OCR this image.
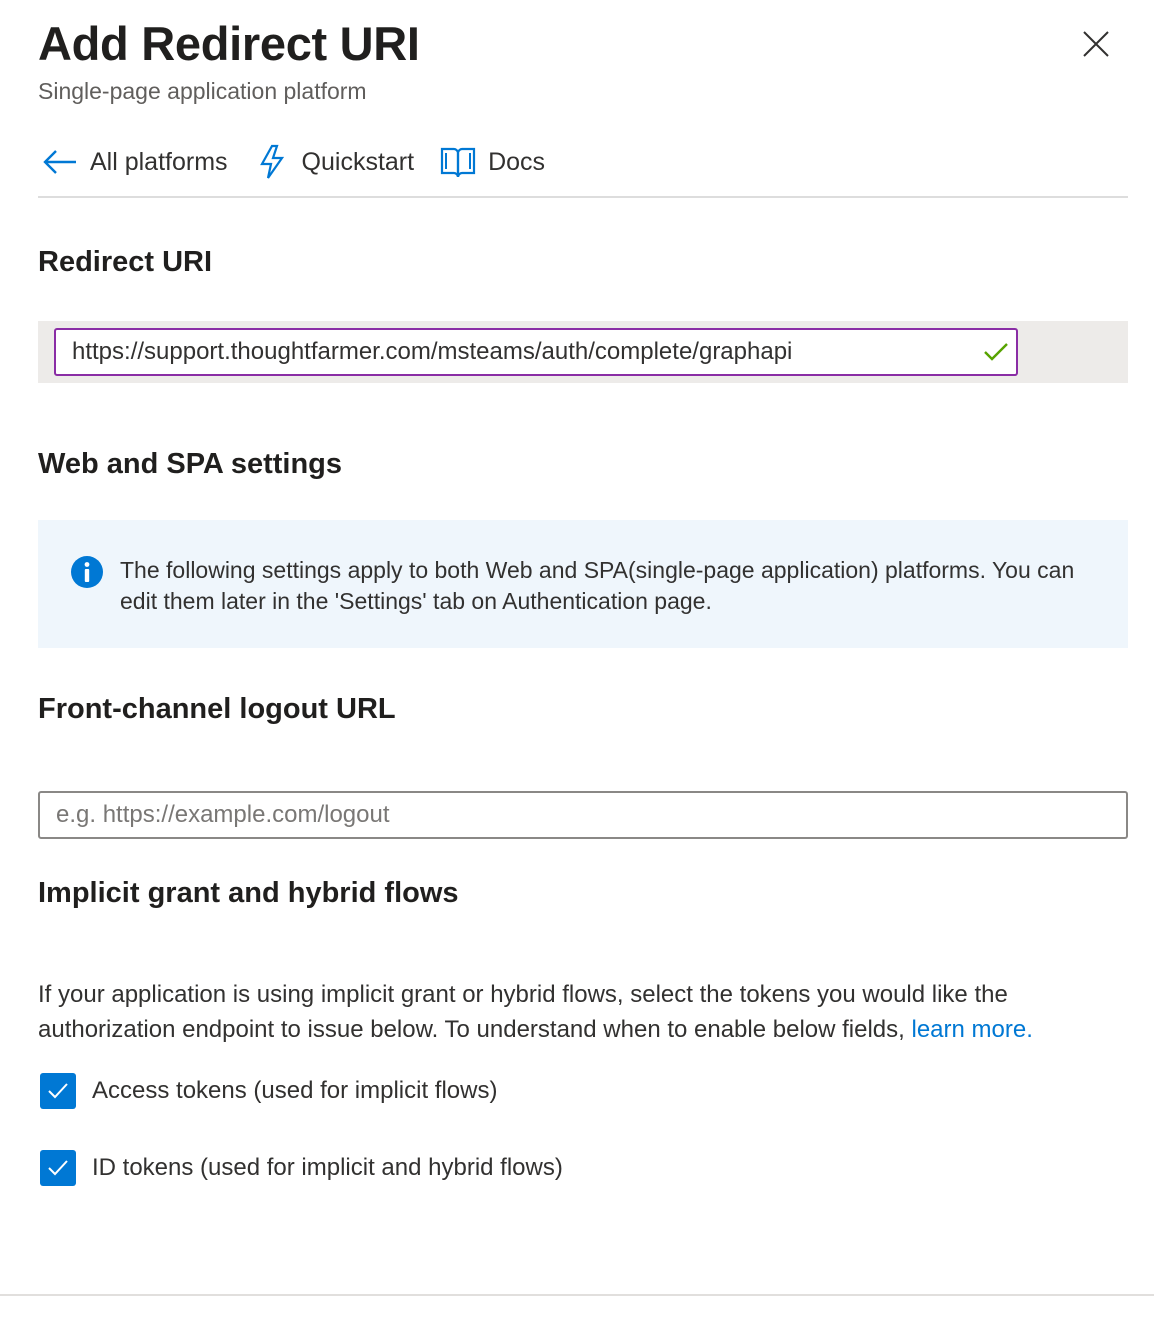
Add Redirect URI
Single-page application platform
All platforms	Quickstart	Docs
Redirect URI
https://support.thoughtfarmer.com/msteams/auth/complete/graphapi
Web and SPA settings
The following settings apply to both Web and SPA(single-page application) platforms. You can edit them later in the 'Settings' tab on Authentication page.
Front-channel logout URL
e.g. https://example.com/logout
Implicit grant and hybrid flows
If your application is using implicit grant or hybrid flows, select the tokens you would like the authorization endpoint to issue below. To understand when to enable below fields, learn more.
Access tokens (used for implicit flows)
ID tokens (used for implicit and hybrid flows)
